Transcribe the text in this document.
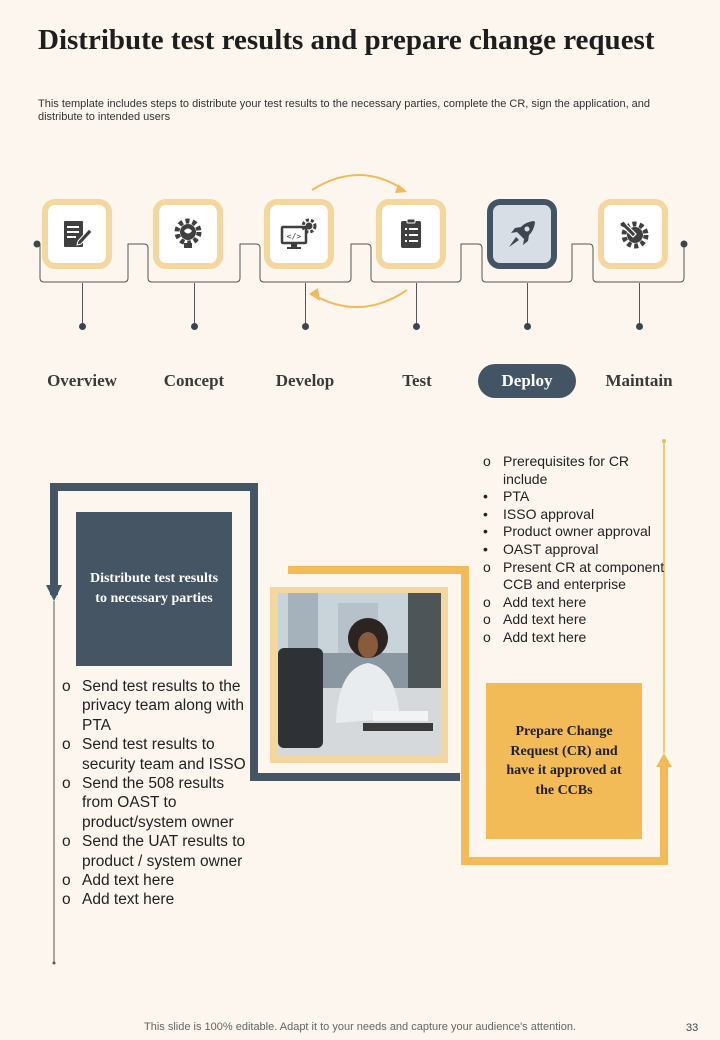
Distribute test results and prepare change request
This template includes steps to distribute your test results to the necessary parties, complete the CR, sign the application, and distribute to intended users
</>
Overview	Concept	Develop	Test	Deploy	Maintain
Distribute test results to necessary parties
o Send test results to the privacy team along with PTA
o Send test results to security team and ISSO
o Send the 508 results from OAST to product/system owner
o Send the UAT results to product / system owner
o Add text here
o Add text here
o Prerequisites for CR include
• PTA
• ISSO approval
• Product owner approval
• OAST approval
o Present CR at component CCB and enterprise
o Add text here
o Add text here
o Add text here
Prepare Change Request (CR) and have it approved at the CCBs
This slide is 100% editable. Adapt it to your needs and capture your audience's attention.	33
